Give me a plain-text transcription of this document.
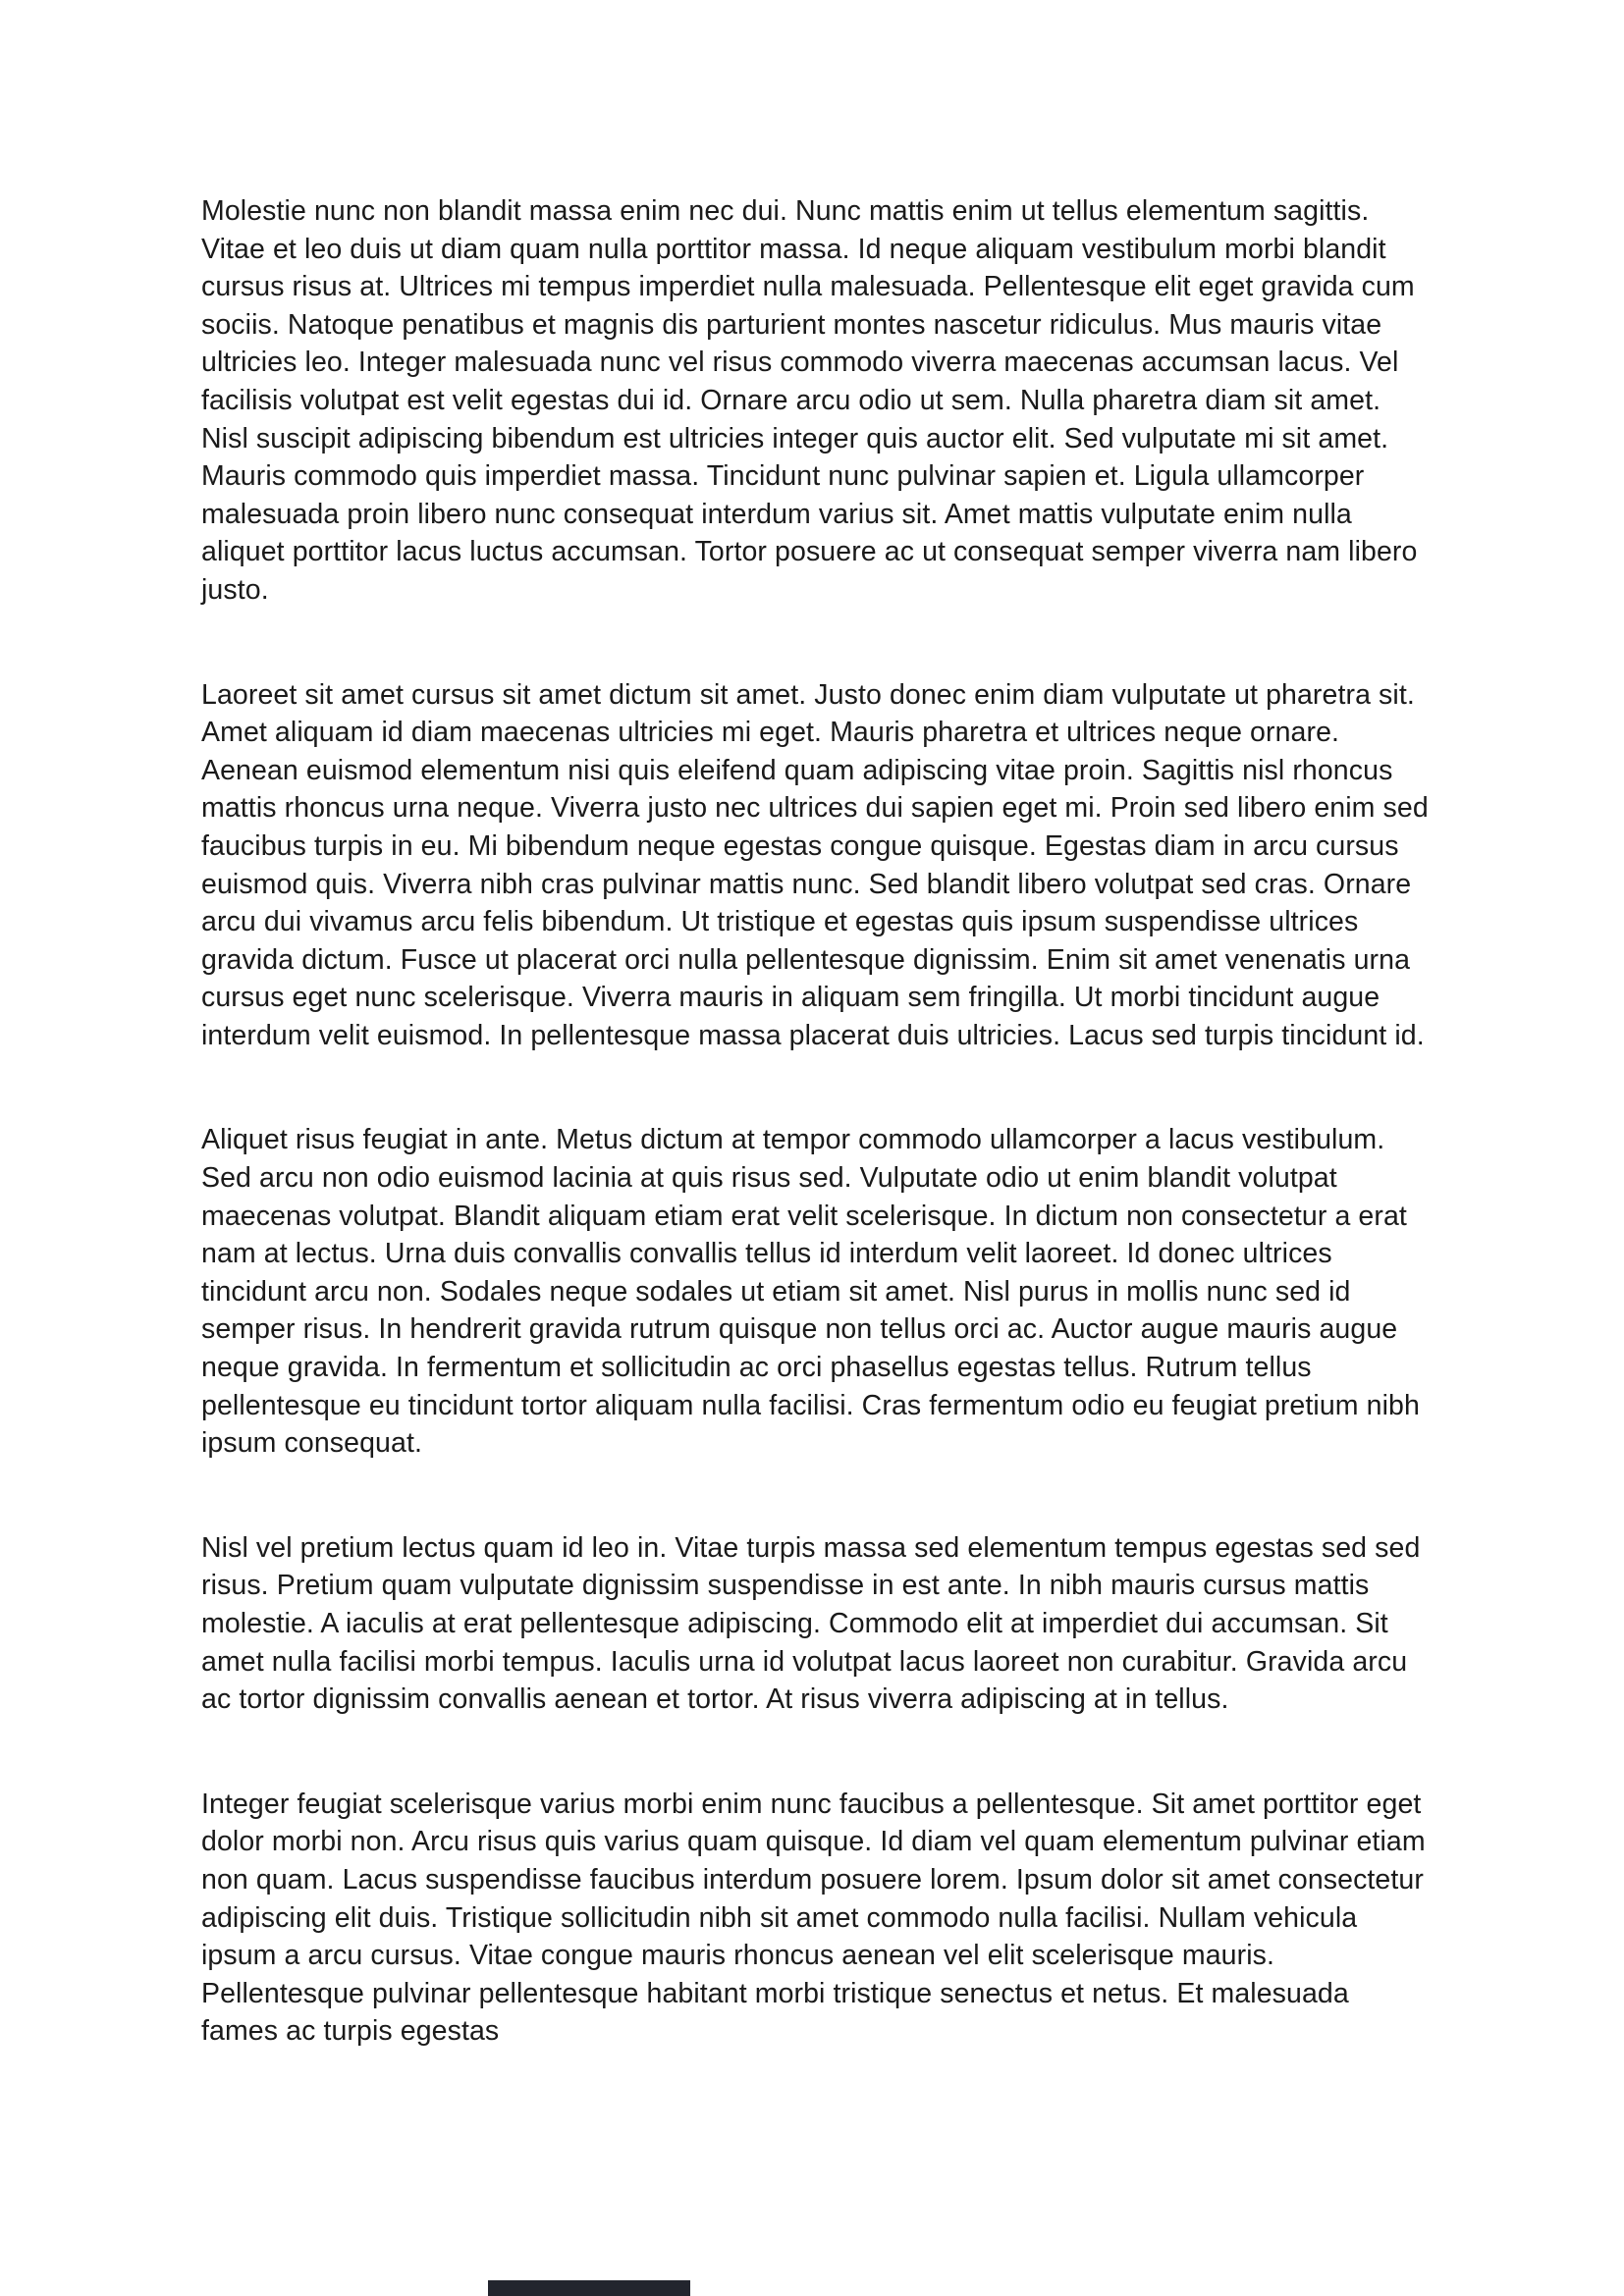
Molestie nunc non blandit massa enim nec dui. Nunc mattis enim ut tellus elementum sagittis. Vitae et leo duis ut diam quam nulla porttitor massa. Id neque aliquam vestibulum morbi blandit cursus risus at. Ultrices mi tempus imperdiet nulla malesuada. Pellentesque elit eget gravida cum sociis. Natoque penatibus et magnis dis parturient montes nascetur ridiculus. Mus mauris vitae ultricies leo. Integer malesuada nunc vel risus commodo viverra maecenas accumsan lacus. Vel facilisis volutpat est velit egestas dui id. Ornare arcu odio ut sem. Nulla pharetra diam sit amet. Nisl suscipit adipiscing bibendum est ultricies integer quis auctor elit. Sed vulputate mi sit amet. Mauris commodo quis imperdiet massa. Tincidunt nunc pulvinar sapien et. Ligula ullamcorper malesuada proin libero nunc consequat interdum varius sit. Amet mattis vulputate enim nulla aliquet porttitor lacus luctus accumsan. Tortor posuere ac ut consequat semper viverra nam libero justo.

Laoreet sit amet cursus sit amet dictum sit amet. Justo donec enim diam vulputate ut pharetra sit. Amet aliquam id diam maecenas ultricies mi eget. Mauris pharetra et ultrices neque ornare. Aenean euismod elementum nisi quis eleifend quam adipiscing vitae proin. Sagittis nisl rhoncus mattis rhoncus urna neque. Viverra justo nec ultrices dui sapien eget mi. Proin sed libero enim sed faucibus turpis in eu. Mi bibendum neque egestas congue quisque. Egestas diam in arcu cursus euismod quis. Viverra nibh cras pulvinar mattis nunc. Sed blandit libero volutpat sed cras. Ornare arcu dui vivamus arcu felis bibendum. Ut tristique et egestas quis ipsum suspendisse ultrices gravida dictum. Fusce ut placerat orci nulla pellentesque dignissim. Enim sit amet venenatis urna cursus eget nunc scelerisque. Viverra mauris in aliquam sem fringilla. Ut morbi tincidunt augue interdum velit euismod. In pellentesque massa placerat duis ultricies. Lacus sed turpis tincidunt id.

Aliquet risus feugiat in ante. Metus dictum at tempor commodo ullamcorper a lacus vestibulum. Sed arcu non odio euismod lacinia at quis risus sed. Vulputate odio ut enim blandit volutpat maecenas volutpat. Blandit aliquam etiam erat velit scelerisque. In dictum non consectetur a erat nam at lectus. Urna duis convallis convallis tellus id interdum velit laoreet. Id donec ultrices tincidunt arcu non. Sodales neque sodales ut etiam sit amet. Nisl purus in mollis nunc sed id semper risus. In hendrerit gravida rutrum quisque non tellus orci ac. Auctor augue mauris augue neque gravida. In fermentum et sollicitudin ac orci phasellus egestas tellus. Rutrum tellus pellentesque eu tincidunt tortor aliquam nulla facilisi. Cras fermentum odio eu feugiat pretium nibh ipsum consequat.

Nisl vel pretium lectus quam id leo in. Vitae turpis massa sed elementum tempus egestas sed sed risus. Pretium quam vulputate dignissim suspendisse in est ante. In nibh mauris cursus mattis molestie. A iaculis at erat pellentesque adipiscing. Commodo elit at imperdiet dui accumsan. Sit amet nulla facilisi morbi tempus. Iaculis urna id volutpat lacus laoreet non curabitur. Gravida arcu ac tortor dignissim convallis aenean et tortor. At risus viverra adipiscing at in tellus.

Integer feugiat scelerisque varius morbi enim nunc faucibus a pellentesque. Sit amet porttitor eget dolor morbi non. Arcu risus quis varius quam quisque. Id diam vel quam elementum pulvinar etiam non quam. Lacus suspendisse faucibus interdum posuere lorem. Ipsum dolor sit amet consectetur adipiscing elit duis. Tristique sollicitudin nibh sit amet commodo nulla facilisi. Nullam vehicula ipsum a arcu cursus. Vitae congue mauris rhoncus aenean vel elit scelerisque mauris. Pellentesque pulvinar pellentesque habitant morbi tristique senectus et netus. Et malesuada fames ac turpis egestas
